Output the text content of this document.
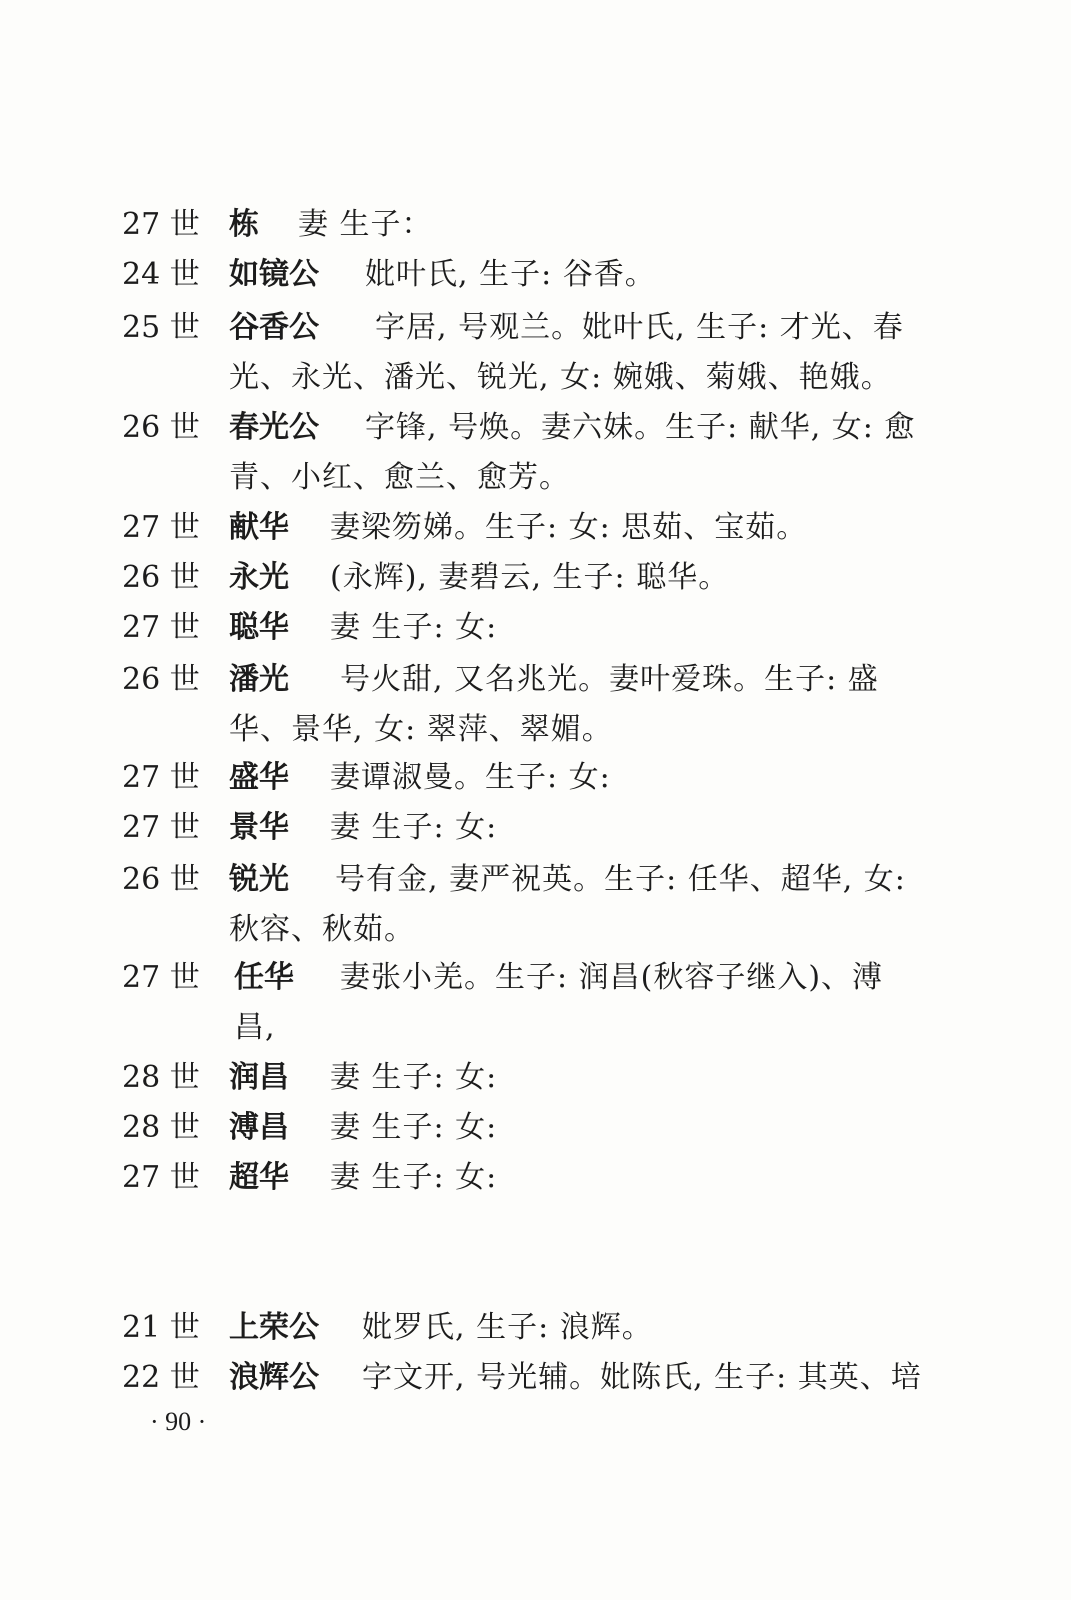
27 世 栋 妻 生子：
24 世 如镜公 妣叶氏, 生子: 谷香。
25 世 谷香公 字居, 号观兰。妣叶氏, 生子: 才光、春
光、永光、潘光、锐光, 女: 婉娥、菊娥、艳娥。
26 世 春光公 字锋, 号焕。妻六妹。生子: 献华, 女: 愈
青、小红、愈兰、愈芳。
27 世 献华 妻梁笏娣。生子: 女: 思茹、宝茹。
26 世 永光 (永辉), 妻碧云, 生子: 聪华。
27 世 聪华 妻 生子: 女:
26 世 潘光 号火甜, 又名兆光。妻叶爱珠。生子: 盛
华、景华, 女: 翠萍、翠媚。
27 世 盛华 妻谭淑曼。生子: 女:
27 世 景华 妻 生子: 女:
26 世 锐光 号有金, 妻严祝英。生子: 任华、超华, 女:
秋容、秋茹。
27 世 任华 妻张小羌。生子: 润昌(秋容子继入)、溥
昌,
28 世 润昌 妻 生子: 女:
28 世 溥昌 妻 生子: 女:
27 世 超华 妻 生子: 女:
21 世 上荣公 妣罗氏, 生子: 浪辉。
22 世 浪辉公 字文开, 号光辅。妣陈氏, 生子: 其英、培
· 90 ·
